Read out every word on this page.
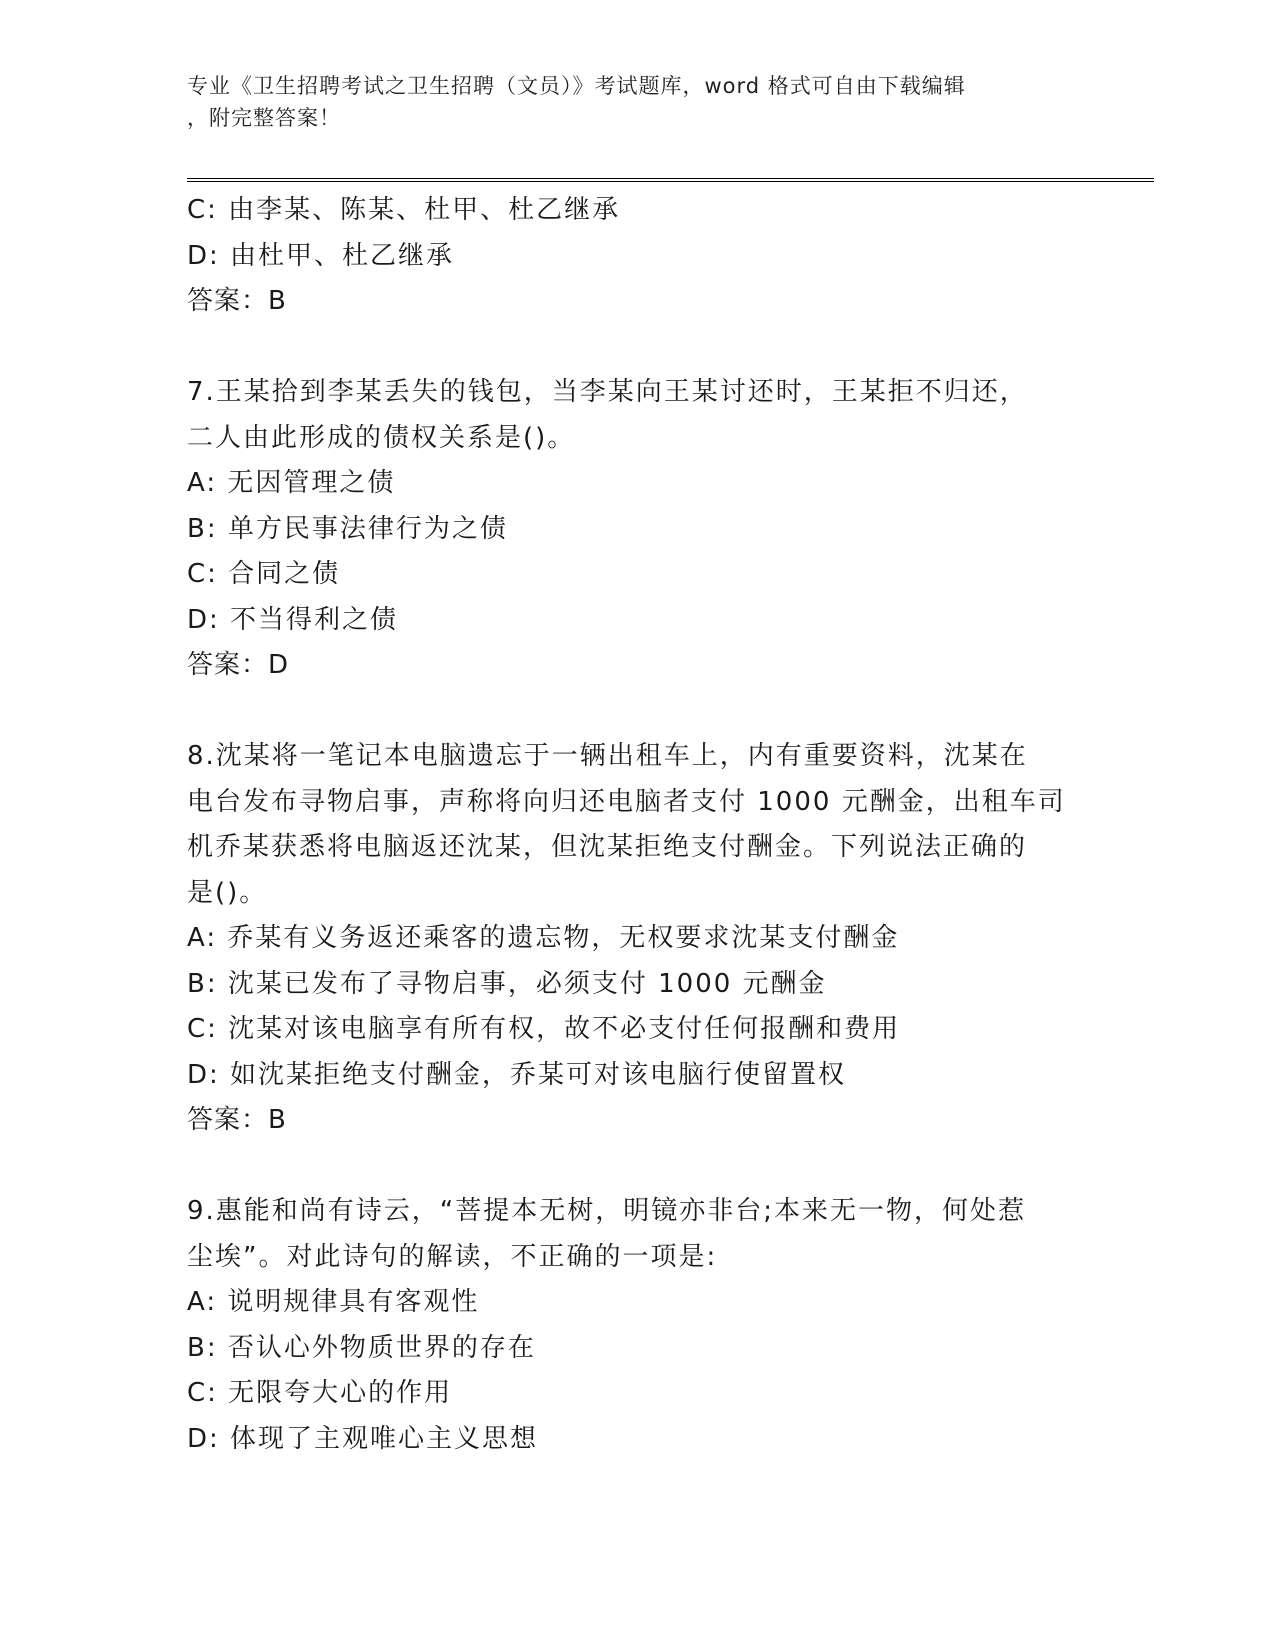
专业《卫生招聘考试之卫生招聘（文员）》考试题库，word 格式可自由下载编辑
，附完整答案！
C: 由李某、陈某、杜甲、杜乙继承
D: 由杜甲、杜乙继承
答案：B
7.王某拾到李某丢失的钱包，当李某向王某讨还时，王某拒不归还，
二人由此形成的债权关系是()。
A: 无因管理之债
B: 单方民事法律行为之债
C: 合同之债
D: 不当得利之债
答案：D
8.沈某将一笔记本电脑遗忘于一辆出租车上，内有重要资料，沈某在
电台发布寻物启事，声称将向归还电脑者支付 1000 元酬金，出租车司
机乔某获悉将电脑返还沈某，但沈某拒绝支付酬金。下列说法正确的
是()。
A: 乔某有义务返还乘客的遗忘物，无权要求沈某支付酬金
B: 沈某已发布了寻物启事，必须支付 1000 元酬金
C: 沈某对该电脑享有所有权，故不必支付任何报酬和费用
D: 如沈某拒绝支付酬金，乔某可对该电脑行使留置权
答案：B
9.惠能和尚有诗云，“菩提本无树，明镜亦非台;本来无一物，何处惹
尘埃”。对此诗句的解读，不正确的一项是:
A: 说明规律具有客观性
B: 否认心外物质世界的存在
C: 无限夸大心的作用
D: 体现了主观唯心主义思想
